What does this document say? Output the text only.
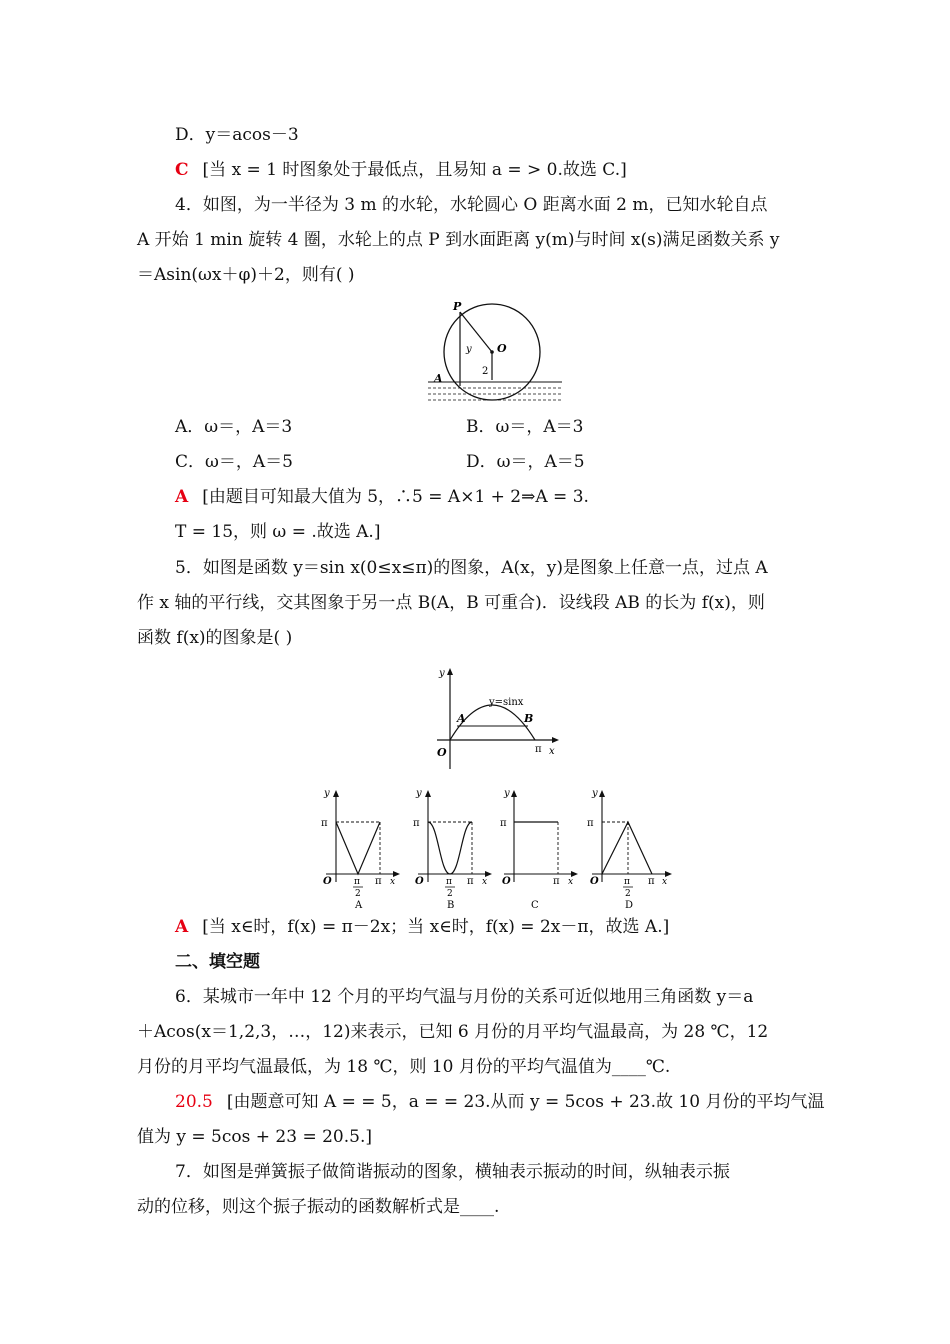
D．y＝acos－3
C [当 x = 1 时图象处于最低点，且易知 a = > 0.故选 C.]
4．如图，为一半径为 3 m 的水轮，水轮圆心 O 距离水面 2 m，已知水轮自点
A 开始 1 min 旋转 4 圈，水轮上的点 P 到水面距离 y(m)与时间 x(s)满足函数关系 y
＝Asin(ωx＋φ)＋2，则有( )
P
O
y
2
A
A．ω＝，A＝3	B．ω＝，A＝3
C．ω＝，A＝5	D．ω＝，A＝5
A [由题目可知最大值为 5，∴5 = A×1 + 2⇒A = 3.
T = 15，则 ω = .故选 A.]
5．如图是函数 y＝sin x(0≤x≤π)的图象，A(x，y)是图象上任意一点，过点 A
作 x 轴的平行线，交其图象于另一点 B(A，B 可重合)．设线段 AB 的长为 f(x)，则
函数 f(x)的图象是( )
y
x
O	π
y=sinx
A	B
y
π
O π
2
π x
A
y
π
O π
2
π x
B
y
π
O	π x
C
y
π
O	π
2
π x
D
A [当 x∈时，f(x) = π－2x；当 x∈时，f(x) = 2x－π，故选 A.]
二、填空题
6．某城市一年中 12 个月的平均气温与月份的关系可近似地用三角函数 y＝a
＋Acos(x＝1,2,3，…，12)来表示，已知 6 月份的月平均气温最高，为 28 ℃，12
月份的月平均气温最低，为 18 ℃，则 10 月份的平均气温值为____℃.
20.5 [由题意可知 A = = 5，a = = 23.从而 y = 5cos + 23.故 10 月份的平均气温
值为 y = 5cos + 23 = 20.5.]
7．如图是弹簧振子做简谐振动的图象，横轴表示振动的时间，纵轴表示振
动的位移，则这个振子振动的函数解析式是____.
